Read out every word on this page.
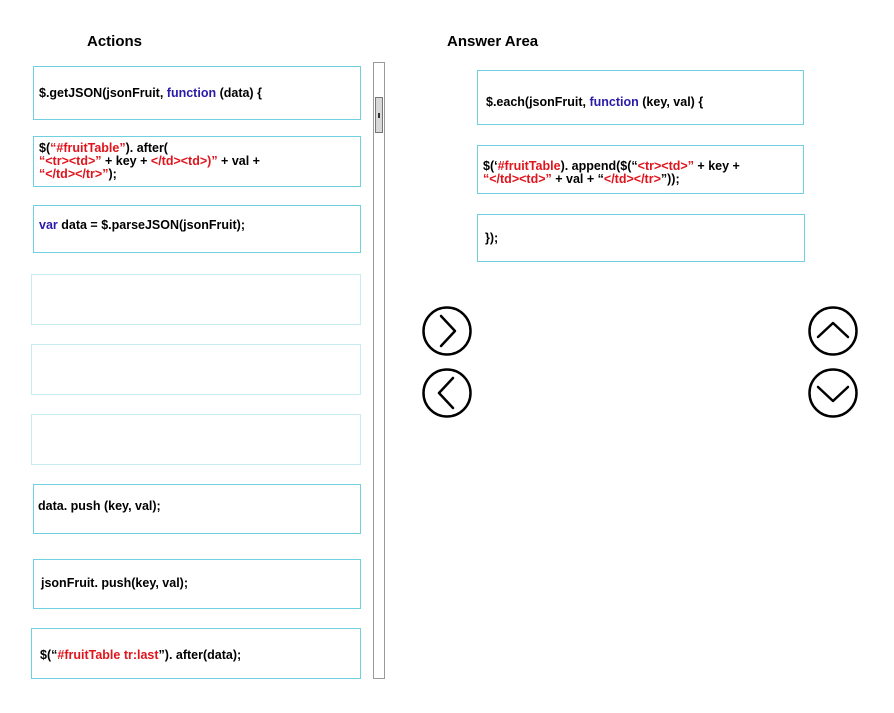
Actions	Answer Area
$.getJSON(jsonFruit, function (data) {
$(“#fruitTable”). after(
“<tr><td>” + key + </td><td>)” + val +
“</td></tr>”);
var data = $.parseJSON(jsonFruit);
data. push (key, val);
jsonFruit. push(key, val);
$(“#fruitTable tr:last”). after(data);
$.each(jsonFruit, function (key, val) {
$(‘#fruitTable). append($(“<tr><td>” + key +
“</td><td>” + val + “</td></tr>”));
});
